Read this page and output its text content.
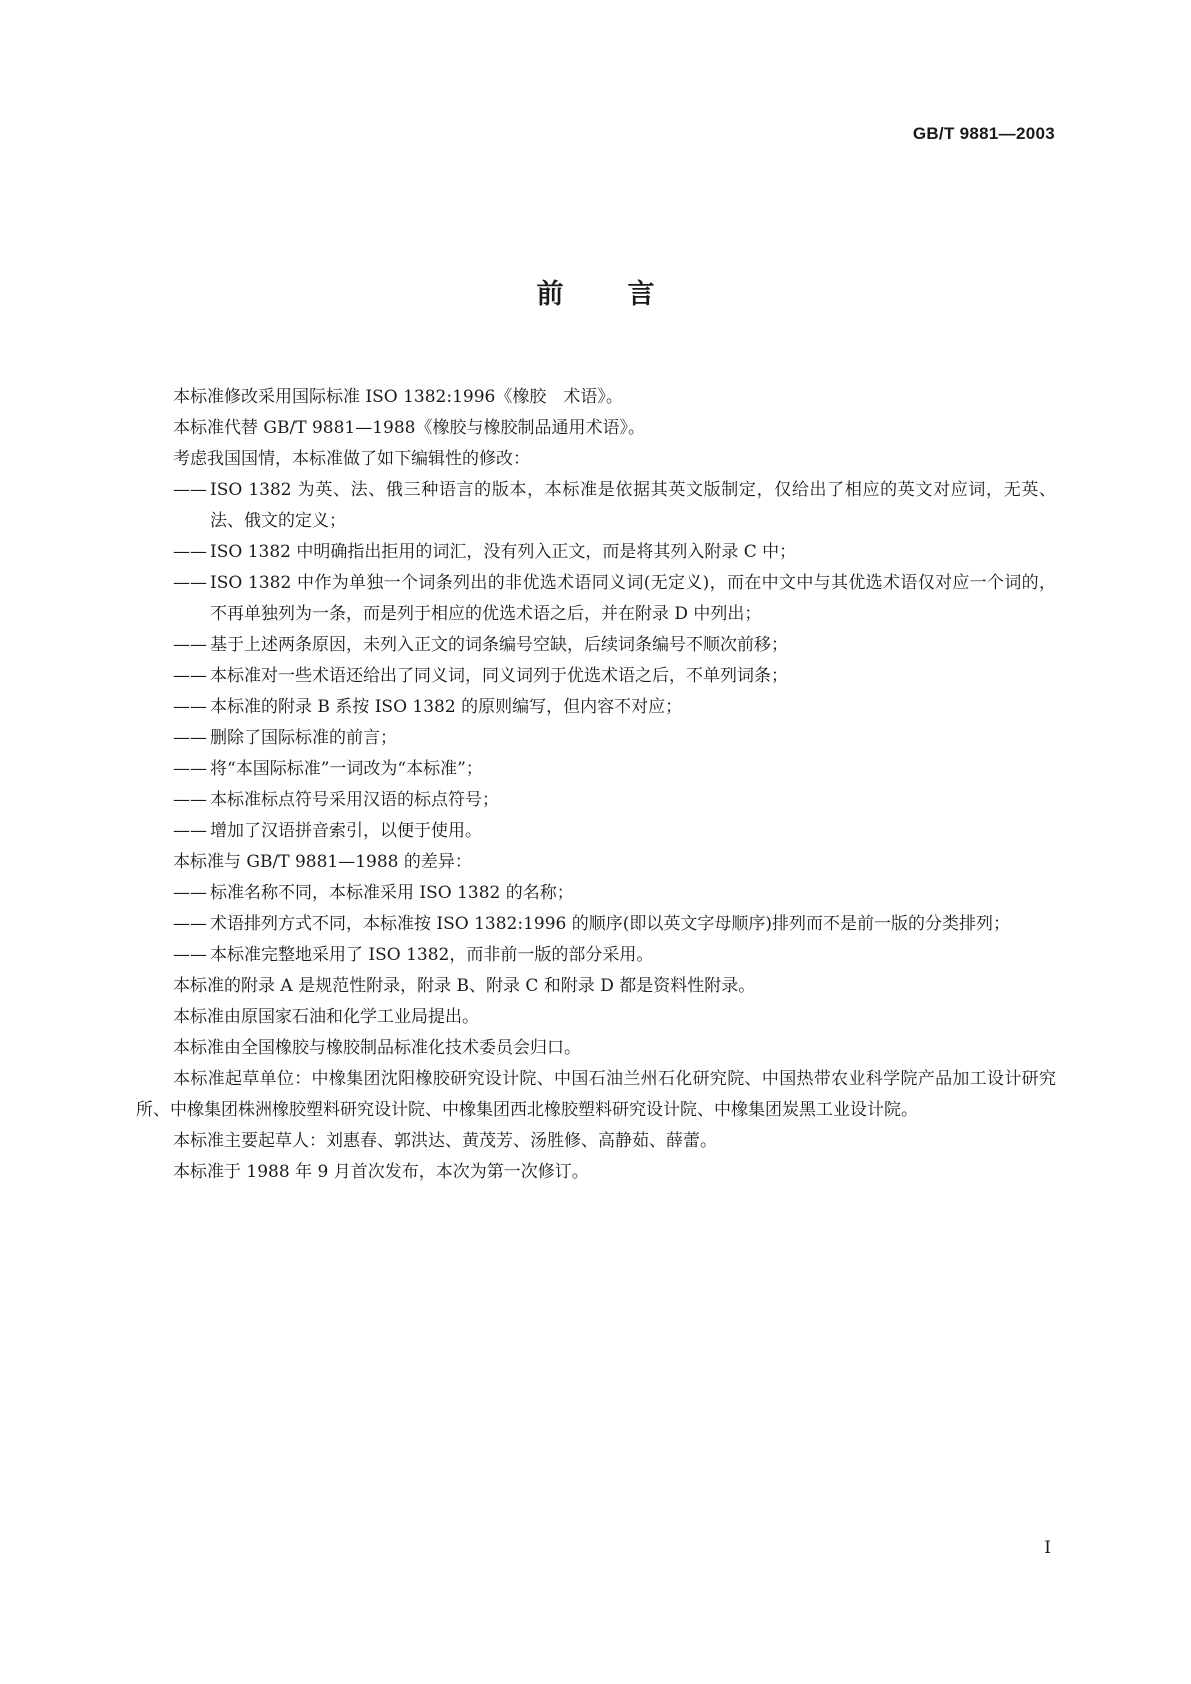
GB/T 9881—2003
前言
本标准修改采用国际标准 ISO 1382:1996《橡胶　术语》。
本标准代替 GB/T 9881—1988《橡胶与橡胶制品通用术语》。
考虑我国国情，本标准做了如下编辑性的修改：
—— ISO 1382 为英、法、俄三种语言的版本，本标准是依据其英文版制定，仅给出了相应的英文对应词，无英、法、俄文的定义；
—— ISO 1382 中明确指出拒用的词汇，没有列入正文，而是将其列入附录 C 中；
—— ISO 1382 中作为单独一个词条列出的非优选术语同义词(无定义)，而在中文中与其优选术语仅对应一个词的，不再单独列为一条，而是列于相应的优选术语之后，并在附录 D 中列出；
—— 基于上述两条原因，未列入正文的词条编号空缺，后续词条编号不顺次前移；
—— 本标准对一些术语还给出了同义词，同义词列于优选术语之后，不单列词条；
—— 本标准的附录 B 系按 ISO 1382 的原则编写，但内容不对应；
—— 删除了国际标准的前言；
—— 将“本国际标准”一词改为“本标准”；
—— 本标准标点符号采用汉语的标点符号；
—— 增加了汉语拼音索引，以便于使用。
本标准与 GB/T 9881—1988 的差异：
—— 标准名称不同，本标准采用 ISO 1382 的名称；
—— 术语排列方式不同，本标准按 ISO 1382:1996 的顺序(即以英文字母顺序)排列而不是前一版的分类排列；
—— 本标准完整地采用了 ISO 1382，而非前一版的部分采用。
本标准的附录 A 是规范性附录，附录 B、附录 C 和附录 D 都是资料性附录。
本标准由原国家石油和化学工业局提出。
本标准由全国橡胶与橡胶制品标准化技术委员会归口。
本标准起草单位：中橡集团沈阳橡胶研究设计院、中国石油兰州石化研究院、中国热带农业科学院产品加工设计研究所、中橡集团株洲橡胶塑料研究设计院、中橡集团西北橡胶塑料研究设计院、中橡集团炭黑工业设计院。
本标准主要起草人：刘惠春、郭洪达、黄茂芳、汤胜修、高静茹、薛蕾。
本标准于 1988 年 9 月首次发布，本次为第一次修订。
I
